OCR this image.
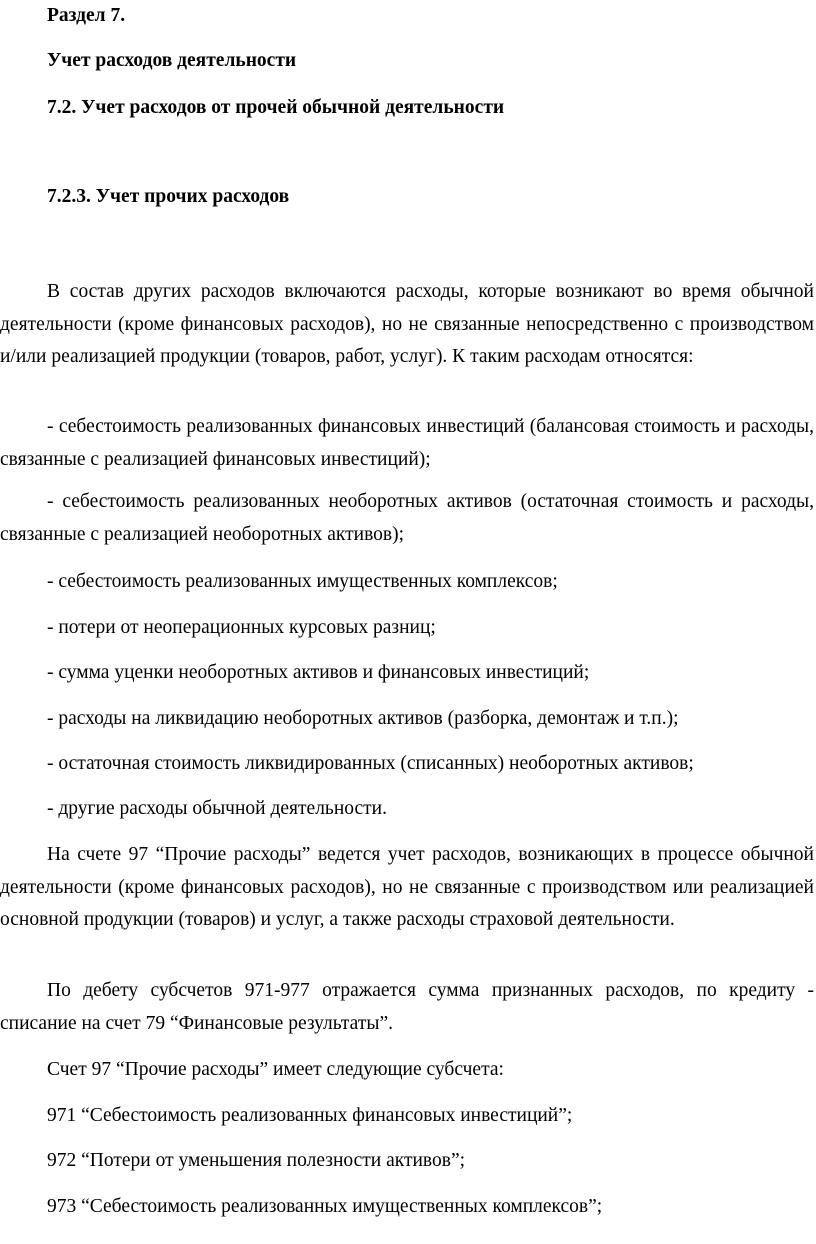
Раздел 7.
Учет расходов деятельности
7.2. Учет расходов от прочей обычной деятельности
7.2.3. Учет прочих расходов

В состав других расходов включаются расходы, которые возникают во время обычной деятельности (кроме финансовых расходов), но не связанные непосредственно с производством и/или реализацией продукции (товаров, работ, услуг). К таким расходам относятся:

- себестоимость реализованных финансовых инвестиций (балансовая стоимость и расходы, связанные с реализацией финансовых инвестиций);

- себестоимость реализованных необоротных активов (остаточная стоимость и расходы, связанные с реализацией необоротных активов);

- себестоимость реализованных имущественных комплексов;

- потери от неоперационных курсовых разниц;

- сумма уценки необоротных активов и финансовых инвестиций;

- расходы на ликвидацию необоротных активов (разборка, демонтаж и т.п.);

- остаточная стоимость ликвидированных (списанных) необоротных активов;

- другие расходы обычной деятельности.

На счете 97 “Прочие расходы” ведется учет расходов, возникающих в процессе обычной деятельности (кроме финансовых расходов), но не связанные с производством или реализацией основной продукции (товаров) и услуг, а также расходы страховой деятельности.

По дебету субсчетов 971-977 отражается сумма признанных расходов, по кредиту - списание на счет 79 “Финансовые результаты”.

Счет 97 “Прочие расходы” имеет следующие субсчета:

971 “Себестоимость реализованных финансовых инвестиций”;

972 “Потери от уменьшения полезности активов”;

973 “Себестоимость реализованных имущественных комплексов”;
